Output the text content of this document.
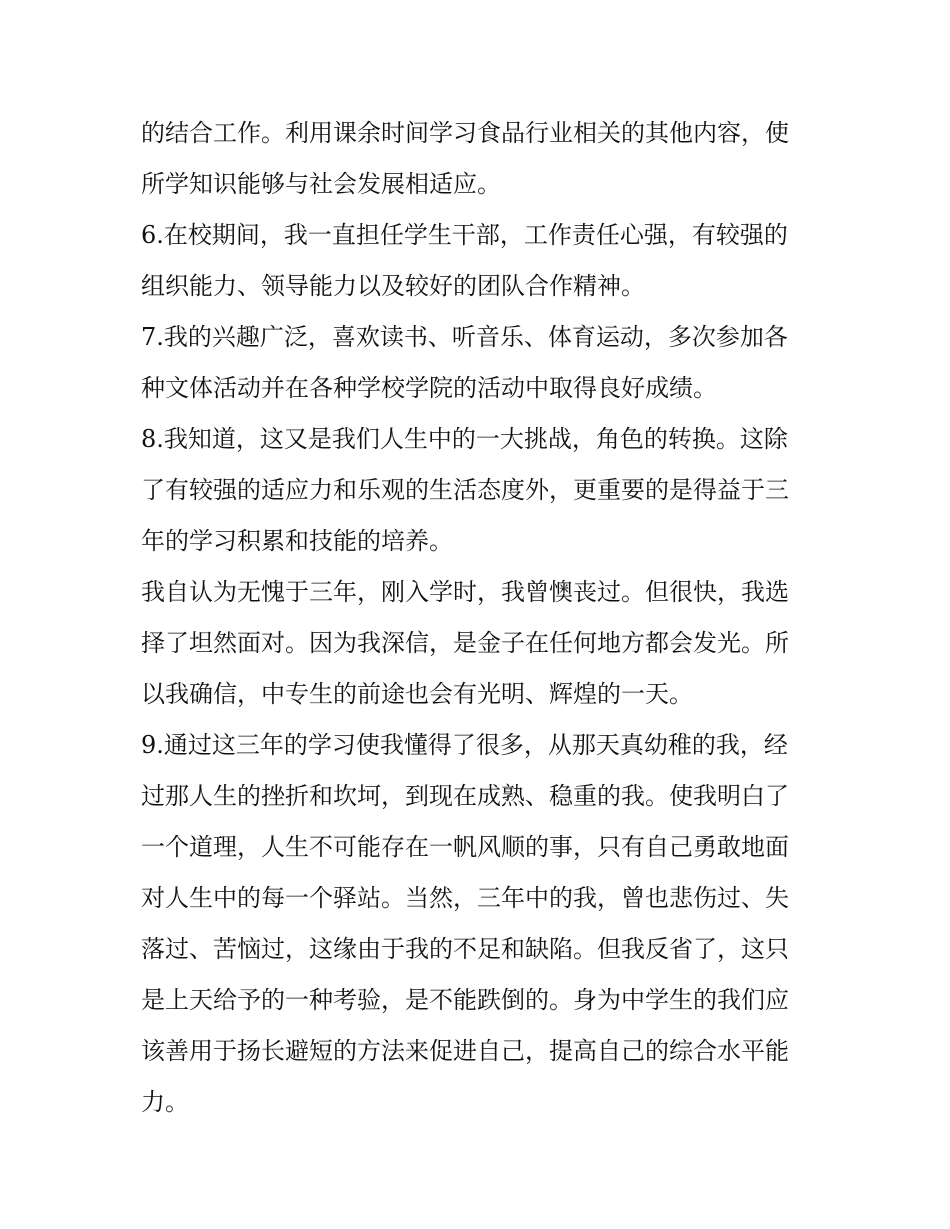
的结合工作。利用课余时间学习食品行业相关的其他内容，使
所学知识能够与社会发展相适应。

6.在校期间，我一直担任学生干部，工作责任心强，有较强的
组织能力、领导能力以及较好的团队合作精神。

7.我的兴趣广泛，喜欢读书、听音乐、体育运动，多次参加各
种文体活动并在各种学校学院的活动中取得良好成绩。

8.我知道，这又是我们人生中的一大挑战，角色的转换。这除
了有较强的适应力和乐观的生活态度外，更重要的是得益于三
年的学习积累和技能的培养。

我自认为无愧于三年，刚入学时，我曾懊丧过。但很快，我选
择了坦然面对。因为我深信，是金子在任何地方都会发光。所
以我确信，中专生的前途也会有光明、辉煌的一天。

9.通过这三年的学习使我懂得了很多，从那天真幼稚的我，经
过那人生的挫折和坎坷，到现在成熟、稳重的我。使我明白了
一个道理，人生不可能存在一帆风顺的事，只有自己勇敢地面
对人生中的每一个驿站。当然，三年中的我，曾也悲伤过、失
落过、苦恼过，这缘由于我的不足和缺陷。但我反省了，这只
是上天给予的一种考验，是不能跌倒的。身为中学生的我们应
该善用于扬长避短的方法来促进自己，提高自己的综合水平能
力。
